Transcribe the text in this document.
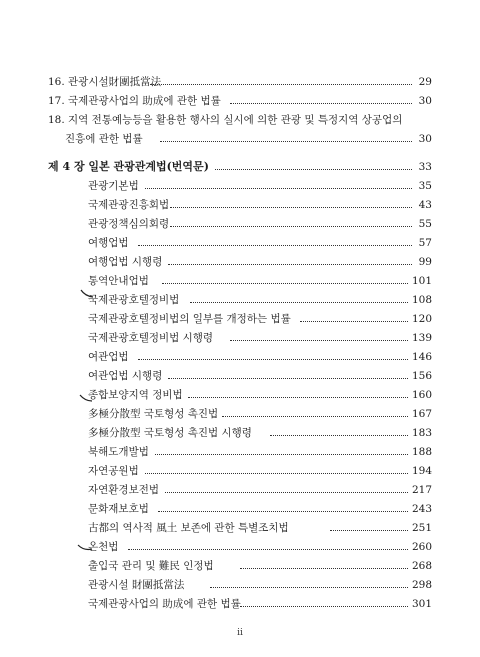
16. 관광시설財團抵當法	29
17. 국제관광사업의 助成에 관한 법률	30
18. 지역 전통예능등을 활용한 행사의 실시에 의한 관광 및 특정지역 상공업의
진흥에 관한 법률	30
제 4 장 일본 관광관계법(번역문)	33
관광기본법	35
국제관광진흥회법	43
관광정책심의회령	55
여행업법	57
여행업법 시행령	99
통역안내업법	101
국제관광호텔정비법	108
국제관광호텔정비법의 일부를 개정하는 법률	120
국제관광호텔정비법 시행령	139
여관업법	146
여관업법 시행령	156
종합보양지역 정비법	160
多極分散型 국토형성 촉진법	167
多極分散型 국토형성 촉진법 시행령	183
북해도개발법	188
자연공원법	194
자연환경보전법	217
문화재보호법	243
古都의 역사적 風土 보존에 관한 특별조치법	251
온천법	260
출입국 관리 및 難民 인정법	268
관광시설 財團抵當法	298
국제관광사업의 助成에 관한 법률	301
ii
